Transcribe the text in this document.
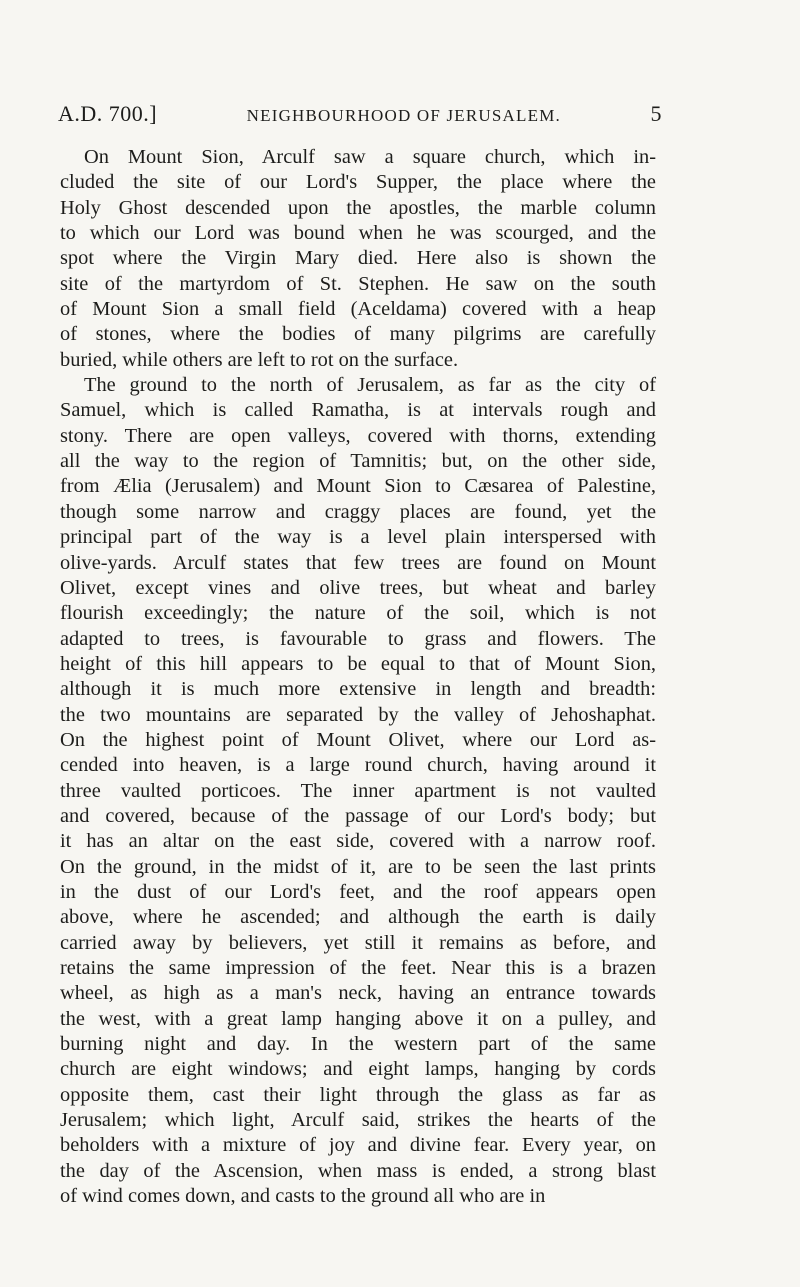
A.D. 700.]	NEIGHBOURHOOD OF JERUSALEM.	5
On Mount Sion, Arculf saw a square church, which in-
cluded the site of our Lord's Supper, the place where the
Holy Ghost descended upon the apostles, the marble column
to which our Lord was bound when he was scourged, and the
spot where the Virgin Mary died. Here also is shown the
site of the martyrdom of St. Stephen. He saw on the south
of Mount Sion a small field (Aceldama) covered with a heap
of stones, where the bodies of many pilgrims are carefully
buried, while others are left to rot on the surface.
The ground to the north of Jerusalem, as far as the city of
Samuel, which is called Ramatha, is at intervals rough and
stony. There are open valleys, covered with thorns, extending
all the way to the region of Tamnitis; but, on the other side,
from Ælia (Jerusalem) and Mount Sion to Cæsarea of Palestine,
though some narrow and craggy places are found, yet the
principal part of the way is a level plain interspersed with
olive-yards. Arculf states that few trees are found on Mount
Olivet, except vines and olive trees, but wheat and barley
flourish exceedingly; the nature of the soil, which is not
adapted to trees, is favourable to grass and flowers. The
height of this hill appears to be equal to that of Mount Sion,
although it is much more extensive in length and breadth:
the two mountains are separated by the valley of Jehoshaphat.
On the highest point of Mount Olivet, where our Lord as-
cended into heaven, is a large round church, having around it
three vaulted porticoes. The inner apartment is not vaulted
and covered, because of the passage of our Lord's body; but
it has an altar on the east side, covered with a narrow roof.
On the ground, in the midst of it, are to be seen the last prints
in the dust of our Lord's feet, and the roof appears open
above, where he ascended; and although the earth is daily
carried away by believers, yet still it remains as before, and
retains the same impression of the feet. Near this is a brazen
wheel, as high as a man's neck, having an entrance towards
the west, with a great lamp hanging above it on a pulley, and
burning night and day. In the western part of the same
church are eight windows; and eight lamps, hanging by cords
opposite them, cast their light through the glass as far as
Jerusalem; which light, Arculf said, strikes the hearts of the
beholders with a mixture of joy and divine fear. Every year, on
the day of the Ascension, when mass is ended, a strong blast
of wind comes down, and casts to the ground all who are in
